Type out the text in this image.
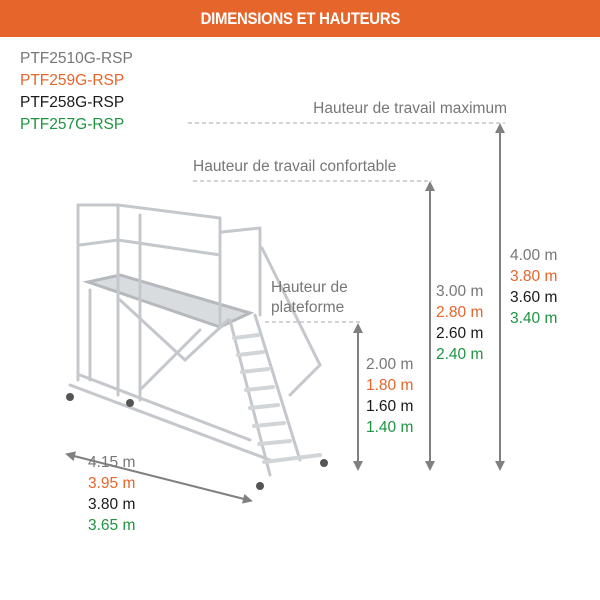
DIMENSIONS ET HAUTEURS
PTF2510G-RSP
PTF259G-RSP
PTF258G-RSP
PTF257G-RSP
Hauteur de travail maximum
Hauteur de travail confortable
Hauteur de
plateforme
2.00 m
1.80 m
1.60 m
1.40 m
3.00 m
2.80 m
2.60 m
2.40 m
4.00 m
3.80 m
3.60 m
3.40 m
4.15 m
3.95 m
3.80 m
3.65 m
